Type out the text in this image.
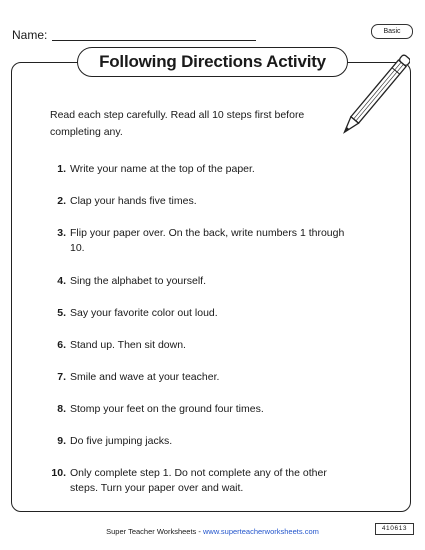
Name:	Basic
Following Directions Activity

Read each step carefully. Read all 10 steps first before completing any.

1. Write your name at the top of the paper.
2. Clap your hands five times.
3. Flip your paper over. On the back, write numbers 1 through 10.
4. Sing the alphabet to yourself.
5. Say your favorite color out loud.
6. Stand up. Then sit down.
7. Smile and wave at your teacher.
8. Stomp your feet on the ground four times.
9. Do five jumping jacks.
10. Only complete step 1. Do not complete any of the other steps. Turn your paper over and wait.
Super Teacher Worksheets - www.superteacherworksheets.com	410613
